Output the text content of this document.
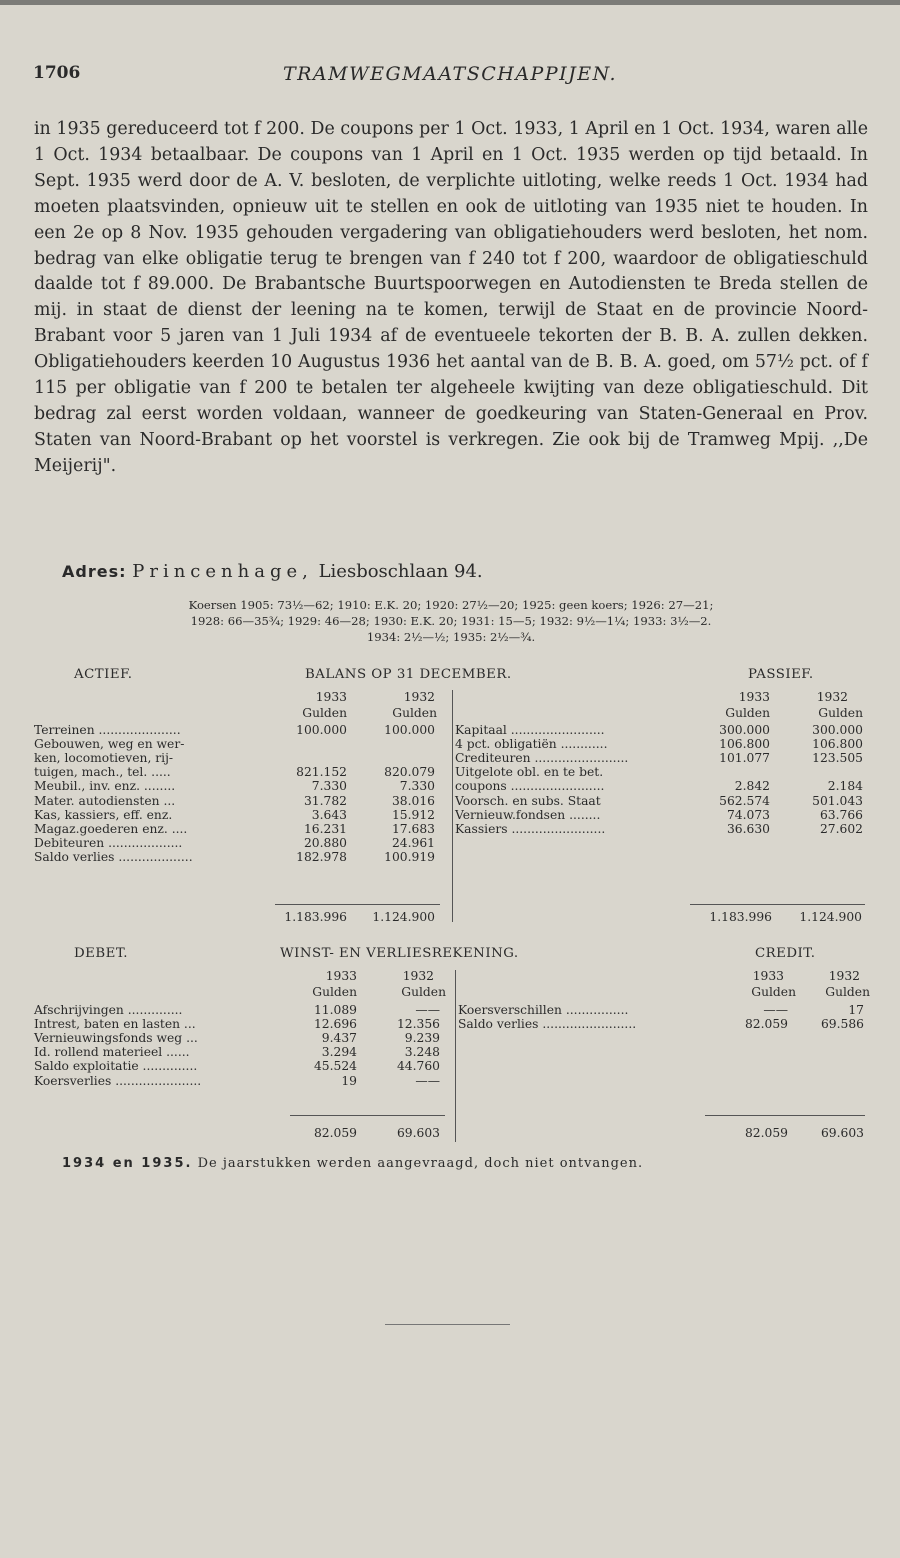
1706	TRAMWEGMAATSCHAPPIJEN.

in 1935 gereduceerd tot f 200. De coupons per 1 Oct. 1933, 1 April en 1 Oct. 1934, waren alle 1 Oct. 1934 betaalbaar. De coupons van 1 April en 1 Oct. 1935 werden op tijd betaald. In Sept. 1935 werd door de A. V. besloten, de verplichte uitloting, welke reeds 1 Oct. 1934 had moeten plaatsvinden, opnieuw uit te stellen en ook de uitloting van 1935 niet te houden. In een 2e op 8 Nov. 1935 gehouden vergadering van obligatiehouders werd besloten, het nom. bedrag van elke obligatie terug te brengen van f 240 tot f 200, waardoor de obligatieschuld daalde tot f 89.000. De Brabantsche Buurtspoorwegen en Autodiensten te Breda stellen de mij. in staat de dienst der leening na te komen, terwijl de Staat en de provincie Noord-Brabant voor 5 jaren van 1 Juli 1934 af de eventueele tekorten der B. B. A. zullen dekken. Obligatiehouders keerden 10 Augustus 1936 het aantal van de B. B. A. goed, om 57½ pct. of f 115 per obligatie van f 200 te betalen ter algeheele kwijting van deze obligatieschuld. Dit bedrag zal eerst worden voldaan, wanneer de goedkeuring van Staten-Generaal en Prov. Staten van Noord-Brabant op het voorstel is verkregen. Zie ook bij de Tramweg Mpij. ,,De Meijerij".

Adres: Princenhage, Liesboschlaan 94.
Koersen 1905: 73½—62; 1910: E.K. 20; 1920: 27½—20; 1925: geen koers; 1926: 27—21;
1928: 66—35¾; 1929: 46—28; 1930: E.K. 20; 1931: 15—5; 1932: 9½—1¼; 1933: 3½—2.
1934: 2½—½; 1935: 2½—¾.
ACTIEF.	BALANS OP 31 DECEMBER.	PASSIEF.
1933	1932
Gulden	Gulden
1933	1932
Gulden	Gulden
Terreinen .....................	100.000	100.000
Gebouwen, weg en wer-
ken, locomotieven, rij-
tuigen, mach., tel. .....	821.152	820.079
Meubil., inv. enz. ........	7.330	7.330
Mater. autodiensten ...	31.782	38.016
Kas, kassiers, eff. enz.	3.643	15.912
Magaz.goederen enz. ....	16.231	17.683
Debiteuren ...................	20.880	24.961
Saldo verlies ...................	182.978	100.919
Kapitaal ........................	300.000	300.000
4 pct. obligatiën ............	106.800	106.800
Crediteuren ........................	101.077	123.505
Uitgelote obl. en te bet.
coupons ........................	2.842	2.184
Voorsch. en subs. Staat	562.574	501.043
Vernieuw.fondsen ........	74.073	63.766
Kassiers ........................	36.630	27.602
1.183.996	1.124.900	1.183.996	1.124.900
DEBET.	WINST- EN VERLIESREKENING.	CREDIT.
1933	1932
Gulden	Gulden
1933	1932
Gulden	Gulden
Afschrijvingen ..............	11.089	——
Intrest, baten en lasten ...	12.696	12.356
Vernieuwingsfonds weg ...	9.437	9.239
Id. rollend materieel ......	3.294	3.248
Saldo exploitatie ..............	45.524	44.760
Koersverlies ......................	19	——
Koersverschillen ................	——	17
Saldo verlies ........................	82.059	69.586
82.059	69.603	82.059	69.603
1934 en 1935. De jaarstukken werden aangevraagd, doch niet ontvangen.
